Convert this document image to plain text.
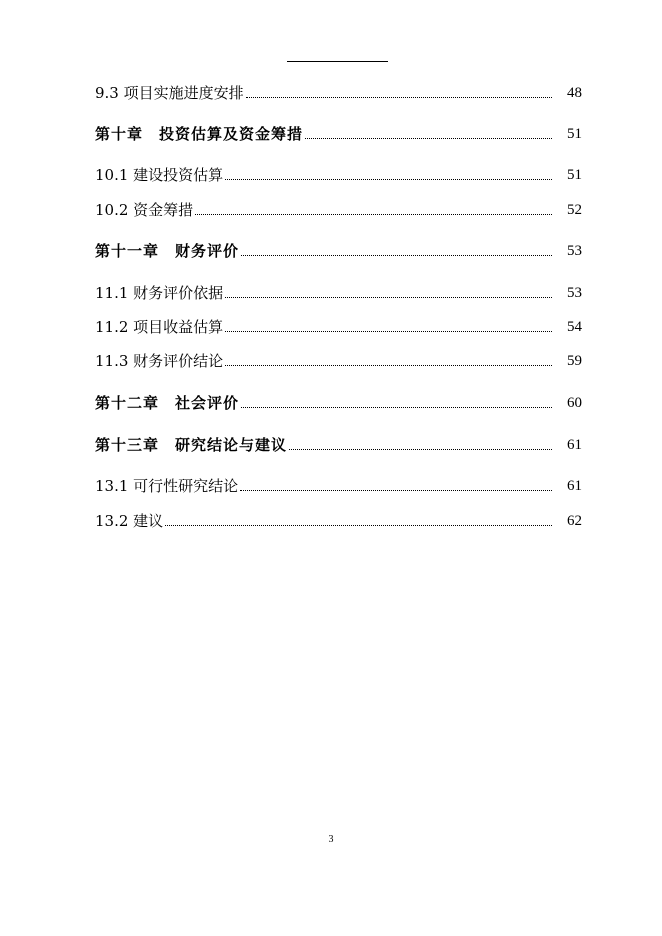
9.3 项目实施进度安排	48
第十章　投资估算及资金筹措	51
10.1 建设投资估算	51
10.2 资金筹措	52
第十一章　财务评价	53
11.1 财务评价依据	53
11.2 项目收益估算	54
11.3 财务评价结论	59
第十二章　社会评价	60
第十三章　研究结论与建议	61
13.1 可行性研究结论	61
13.2 建议	62
3
